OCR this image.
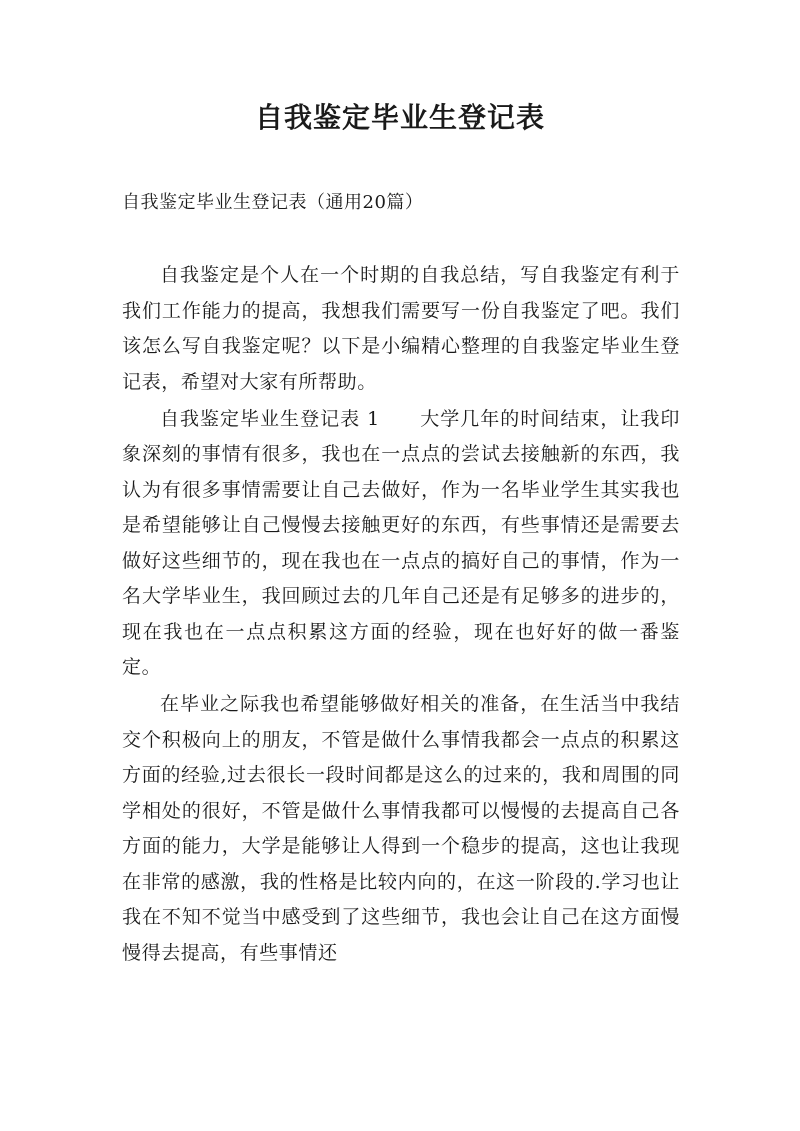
自我鉴定毕业生登记表

自我鉴定毕业生登记表（通用20篇）

自我鉴定是个人在一个时期的自我总结，写自我鉴定有利于我们工作能力的提高，我想我们需要写一份自我鉴定了吧。我们该怎么写自我鉴定呢？以下是小编精心整理的自我鉴定毕业生登记表，希望对大家有所帮助。

自我鉴定毕业生登记表 1　　大学几年的时间结束，让我印象深刻的事情有很多，我也在一点点的尝试去接触新的东西，我认为有很多事情需要让自己去做好，作为一名毕业学生其实我也是希望能够让自己慢慢去接触更好的东西，有些事情还是需要去做好这些细节的，现在我也在一点点的搞好自己的事情，作为一名大学毕业生，我回顾过去的几年自己还是有足够多的进步的，现在我也在一点点积累这方面的经验，现在也好好的做一番鉴定。

在毕业之际我也希望能够做好相关的准备，在生活当中我结交个积极向上的朋友，不管是做什么事情我都会一点点的积累这方面的经验,过去很长一段时间都是这么的过来的，我和周围的同学相处的很好，不管是做什么事情我都可以慢慢的去提高自己各方面的能力，大学是能够让人得到一个稳步的提高，这也让我现在非常的感激，我的性格是比较内向的，在这一阶段的.学习也让我在不知不觉当中感受到了这些细节，我也会让自己在这方面慢慢得去提高，有些事情还
